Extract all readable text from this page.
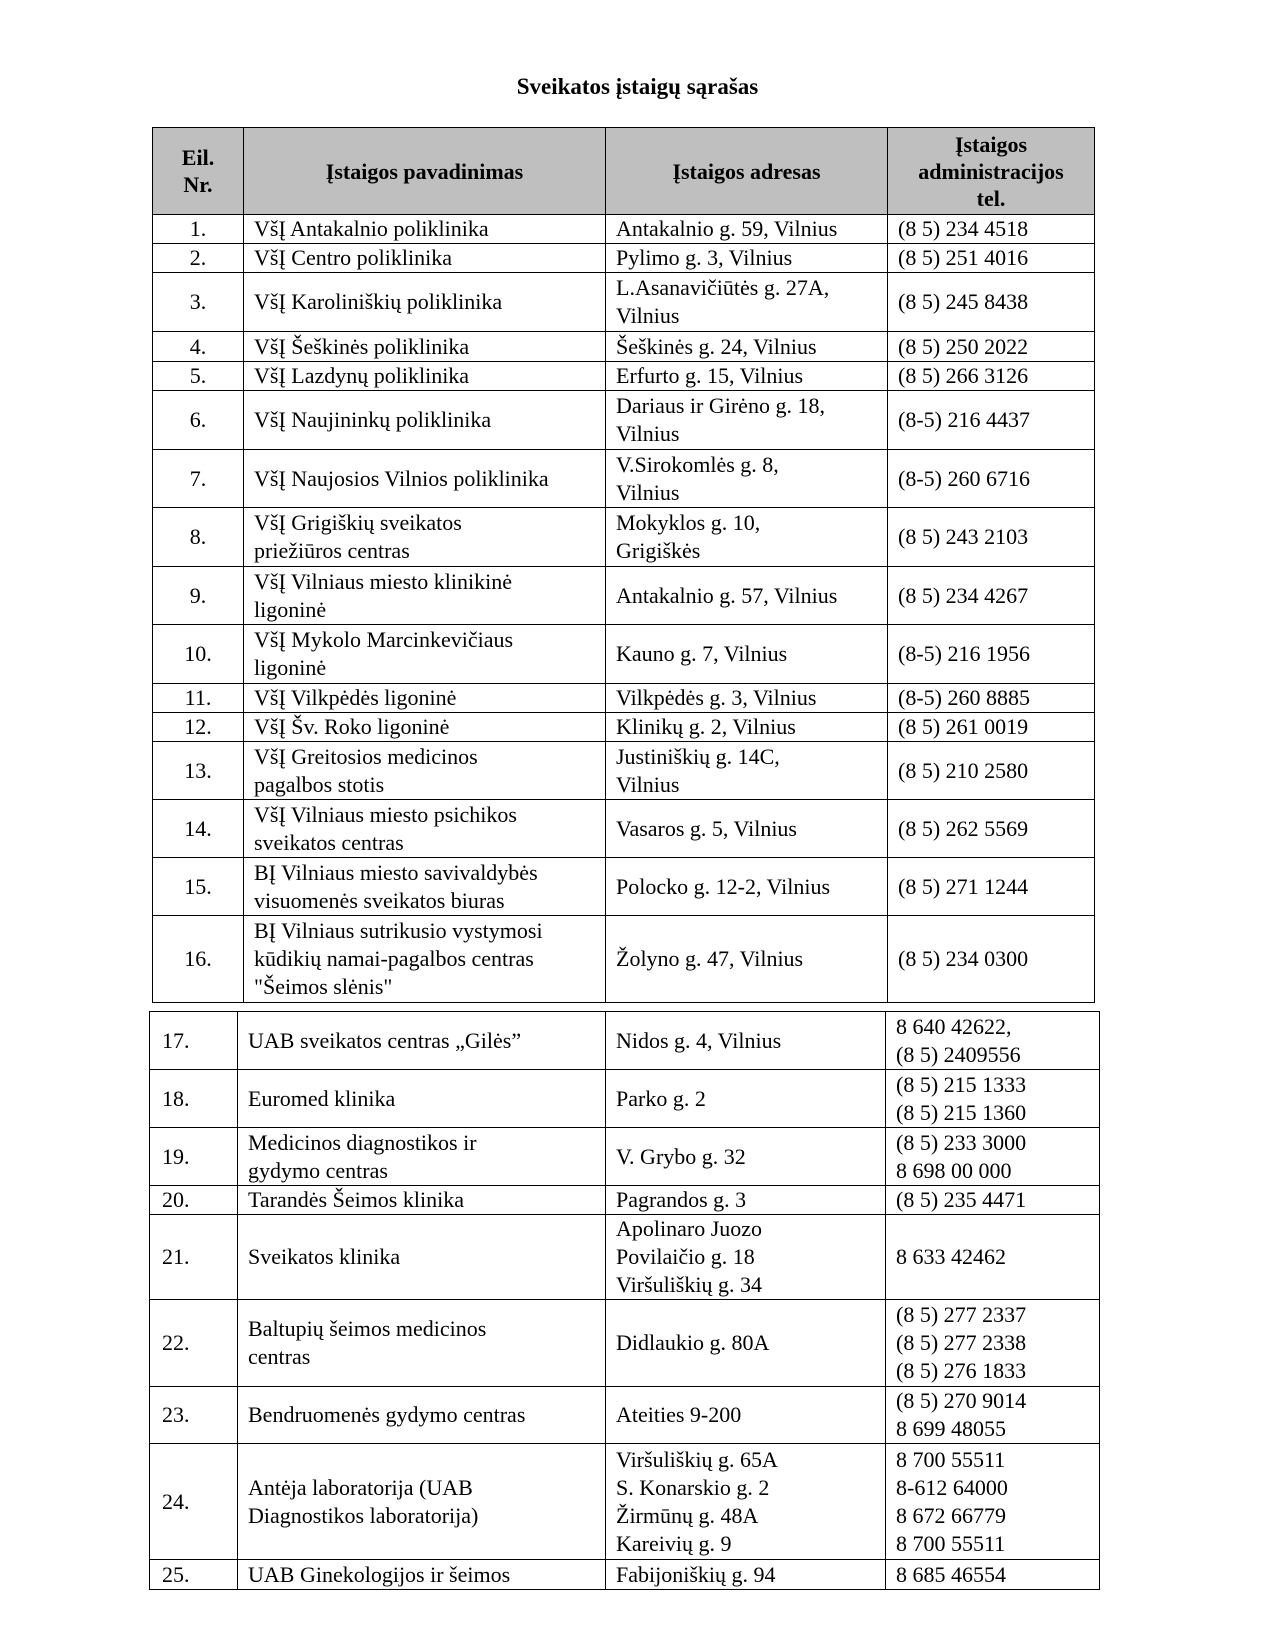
Sveikatos įstaigų sąrašas
Eil.
Nr.	Įstaigos pavadinimas	Įstaigos adresas	Įstaigos
administracijos
tel.

1.	VšĮ Antakalnio poliklinika	Antakalnio g. 59, Vilnius	(8 5) 234 4518

2.	VšĮ Centro poliklinika	Pylimo g. 3, Vilnius	(8 5) 251 4016

3.	VšĮ Karoliniškių poliklinika	L.Asanavičiūtės g. 27A,
Vilnius	(8 5) 245 8438

4.	VšĮ Šeškinės poliklinika	Šeškinės g. 24, Vilnius	(8 5) 250 2022

5.	VšĮ Lazdynų poliklinika	Erfurto g. 15, Vilnius	(8 5) 266 3126

6.	VšĮ Naujininkų poliklinika	Dariaus ir Girėno g. 18,
Vilnius	(8-5) 216 4437

7.	VšĮ Naujosios Vilnios poliklinika	V.Sirokomlės g. 8,
Vilnius	(8-5) 260 6716

8.	VšĮ Grigiškių sveikatos
priežiūros centras	Mokyklos g. 10,
Grigiškės	(8 5) 243 2103

9.	VšĮ Vilniaus miesto klinikinė
ligoninė	Antakalnio g. 57, Vilnius	(8 5) 234 4267

10.	VšĮ Mykolo Marcinkevičiaus
ligoninė	Kauno g. 7, Vilnius	(8-5) 216 1956

11.	VšĮ Vilkpėdės ligoninė	Vilkpėdės g. 3, Vilnius	(8-5) 260 8885

12.	VšĮ Šv. Roko ligoninė	Klinikų g. 2, Vilnius	(8 5) 261 0019

13.	VšĮ Greitosios medicinos
pagalbos stotis	Justiniškių g. 14C,
Vilnius	(8 5) 210 2580

14.	VšĮ Vilniaus miesto psichikos
sveikatos centras	Vasaros g. 5, Vilnius	(8 5) 262 5569

15.	BĮ Vilniaus miesto savivaldybės
visuomenės sveikatos biuras	Polocko g. 12-2, Vilnius	(8 5) 271 1244

16.	BĮ Vilniaus sutrikusio vystymosi
kūdikių namai-pagalbos centras
"Šeimos slėnis"	Žolyno g. 47, Vilnius	(8 5) 234 0300
17.	UAB sveikatos centras „Gilės”	Nidos g. 4, Vilnius	8 640 42622,
(8 5) 2409556

18.	Euromed klinika	Parko g. 2	(8 5) 215 1333
(8 5) 215 1360

19.	Medicinos diagnostikos ir
gydymo centras	V. Grybo g. 32	(8 5) 233 3000
8 698 00 000

20.	Tarandės Šeimos klinika	Pagrandos g. 3	(8 5) 235 4471

21.	Sveikatos klinika	Apolinaro Juozo
Povilaičio g. 18
Viršuliškių g. 34	8 633 42462

22.	Baltupių šeimos medicinos
centras	Didlaukio g. 80A	(8 5) 277 2337
(8 5) 277 2338
(8 5) 276 1833

23.	Bendruomenės gydymo centras	Ateities 9-200	(8 5) 270 9014
8 699 48055

24.	Antėja laboratorija (UAB
Diagnostikos laboratorija)	Viršuliškių g. 65A
S. Konarskio g. 2
Žirmūnų g. 48A
Kareivių g. 9	8 700 55511
8-612 64000
8 672 66779
8 700 55511

25.	UAB Ginekologijos ir šeimos	Fabijoniškių g. 94	8 685 46554
